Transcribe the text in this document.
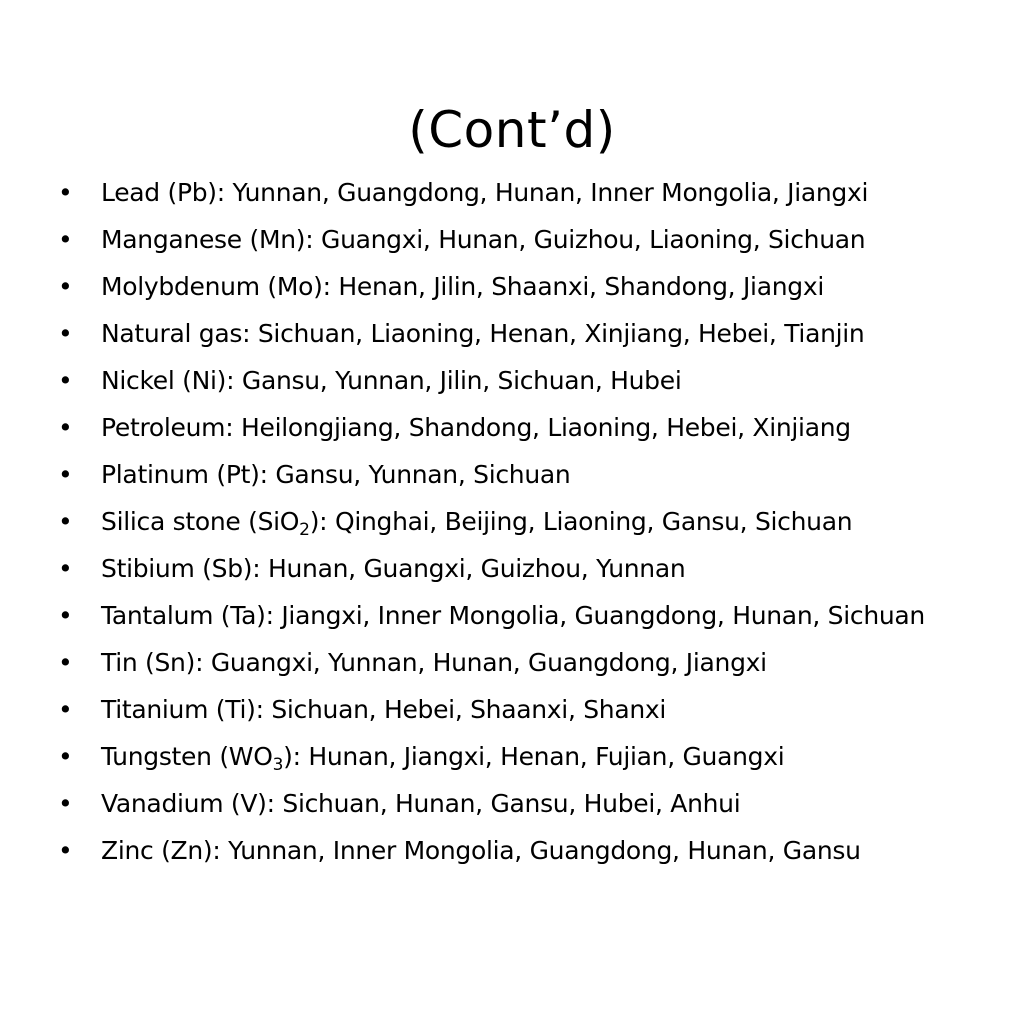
(Cont’d)
• Lead (Pb): Yunnan, Guangdong, Hunan, Inner Mongolia, Jiangxi
• Manganese (Mn): Guangxi, Hunan, Guizhou, Liaoning, Sichuan
• Molybdenum (Mo): Henan, Jilin, Shaanxi, Shandong, Jiangxi
• Natural gas: Sichuan, Liaoning, Henan, Xinjiang, Hebei, Tianjin
• Nickel (Ni): Gansu, Yunnan, Jilin, Sichuan, Hubei
• Petroleum: Heilongjiang, Shandong, Liaoning, Hebei, Xinjiang
• Platinum (Pt): Gansu, Yunnan, Sichuan
• Silica stone (SiO$_2$): Qinghai, Beijing, Liaoning, Gansu, Sichuan
• Stibium (Sb): Hunan, Guangxi, Guizhou, Yunnan
• Tantalum (Ta): Jiangxi, Inner Mongolia, Guangdong, Hunan, Sichuan
• Tin (Sn): Guangxi, Yunnan, Hunan, Guangdong, Jiangxi
• Titanium (Ti): Sichuan, Hebei, Shaanxi, Shanxi
• Tungsten $(WO_3)$: Hunan, Jiangxi, Henan, Fujian, Guangxi
• Vanadium (V): Sichuan, Hunan, Gansu, Hubei, Anhui
• Zinc (Zn): Yunnan, Inner Mongolia, Guangdong, Hunan, Gansu
